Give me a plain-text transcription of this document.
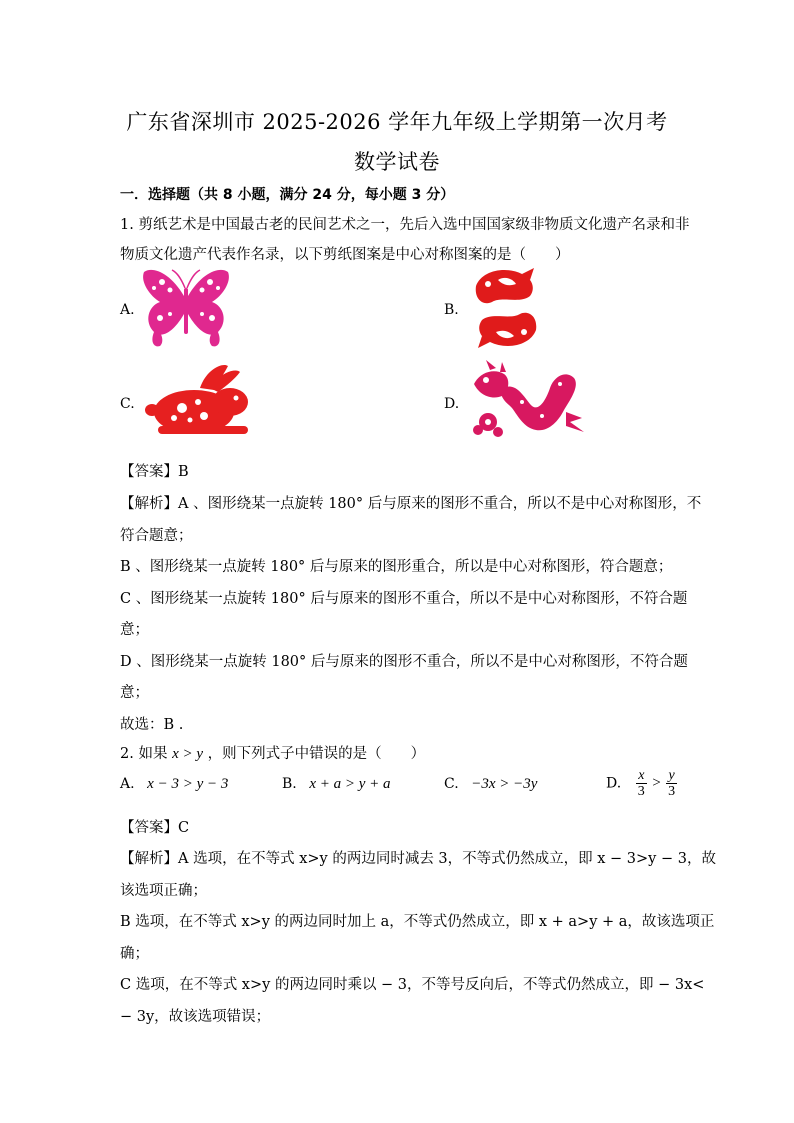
广东省深圳市 2025-2026 学年九年级上学期第一次月考
数学试卷
一．选择题（共 8 小题，满分 24 分，每小题 3 分）
1. 剪纸艺术是中国最古老的民间艺术之一，先后入选中国国家级非物质文化遗产名录和非
物质文化遗产代表作名录，以下剪纸图案是中心对称图案的是（　　）
A.	B.
C.	D.
【答案】B
【解析】A 、图形绕某一点旋转 180° 后与原来的图形不重合，所以不是中心对称图形，不
符合题意；
B 、图形绕某一点旋转 180° 后与原来的图形重合，所以是中心对称图形，符合题意；
C 、图形绕某一点旋转 180° 后与原来的图形不重合，所以不是中心对称图形，不符合题
意；
D 、图形绕某一点旋转 180° 后与原来的图形不重合，所以不是中心对称图形，不符合题
意；
故选：B .
2. 如果 x > y ，则下列式子中错误的是（　　）
A. x − 3 > y − 3	B. x + a > y + a	C. −3x > −3y	D. $\frac{x}{3} > \frac{y}{3}$
【答案】C
【解析】A 选项，在不等式 x>y 的两边同时减去 3，不等式仍然成立，即 x − 3>y − 3，故
该选项正确；
B 选项，在不等式 x>y 的两边同时加上 a，不等式仍然成立，即 x + a>y + a，故该选项正
确；
C 选项，在不等式 x>y 的两边同时乘以 − 3，不等号反向后，不等式仍然成立，即 − 3x<
− 3y，故该选项错误；
